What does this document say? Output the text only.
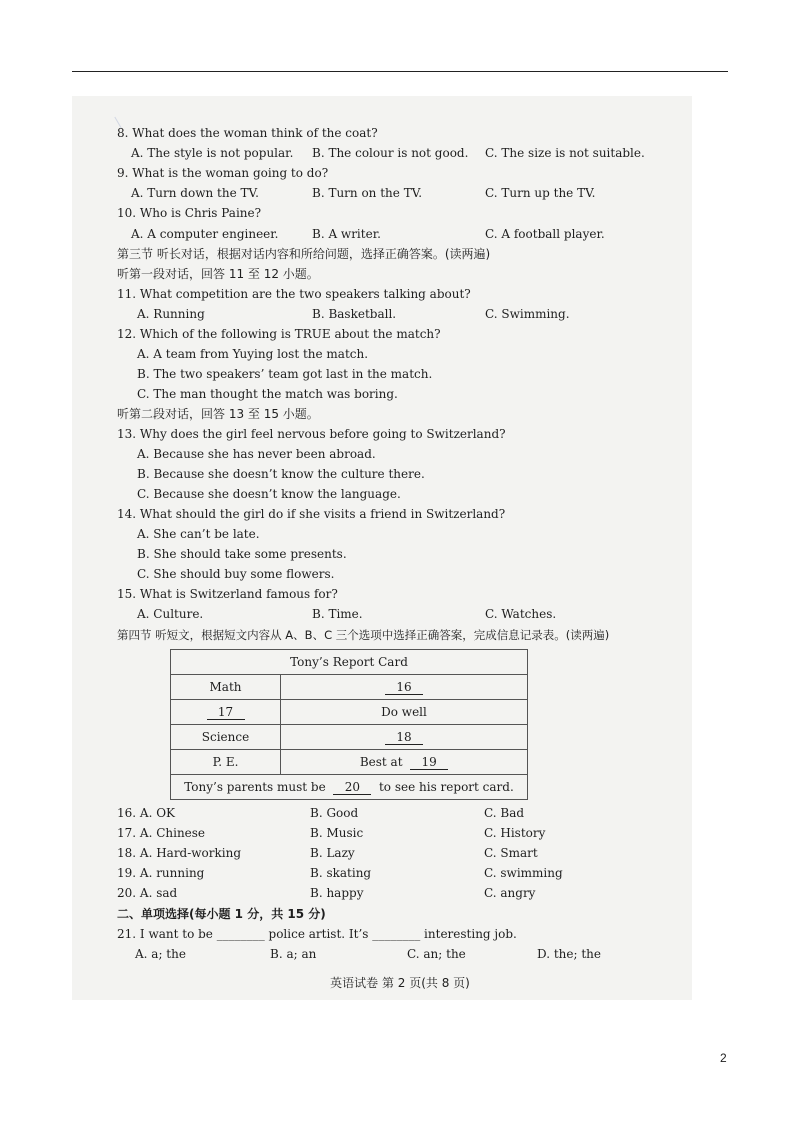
8. What does the woman think of the coat?
A. The style is not popular. B. The colour is not good. C. The size is not suitable.
9. What is the woman going to do?
A. Turn down the TV.	B. Turn on the TV.	C. Turn up the TV.
10. Who is Chris Paine?
A. A computer engineer.	B. A writer.	C. A football player.
第三节 听长对话，根据对话内容和所给问题，选择正确答案。(读两遍)
听第一段对话，回答 11 至 12 小题。
11. What competition are the two speakers talking about?
A. Running	B. Basketball.	C. Swimming.
12. Which of the following is TRUE about the match?
A. A team from Yuying lost the match.
B. The two speakers’ team got last in the match.
C. The man thought the match was boring.
听第二段对话，回答 13 至 15 小题。
13. Why does the girl feel nervous before going to Switzerland?
A. Because she has never been abroad.
B. Because she doesn’t know the culture there.
C. Because she doesn’t know the language.
14. What should the girl do if she visits a friend in Switzerland?
A. She can’t be late.
B. She should take some presents.
C. She should buy some flowers.
15. What is Switzerland famous for?
A. Culture.	B. Time.	C. Watches.
第四节 听短文，根据短文内容从 A、B、C 三个选项中选择正确答案，完成信息记录表。(读两遍)
Tony’s Report Card	
Math	16
17	Do well
Science	18
P. E.	Best at 19
Tony’s parents must be 20 to see his report card.	
16. A. OK	B. Good	C. Bad
17. A. Chinese	B. Music	C. History
18. A. Hard-working	B. Lazy	C. Smart
19. A. running	B. skating	C. swimming
20. A. sad	B. happy	C. angry
二、单项选择(每小题 1 分，共 15 分)
21. I want to be ________ police artist. It’s ________ interesting job.
A. a; the	B. a; an	C. an; the	D. the; the
英语试卷 第 2 页(共 8 页)
2
